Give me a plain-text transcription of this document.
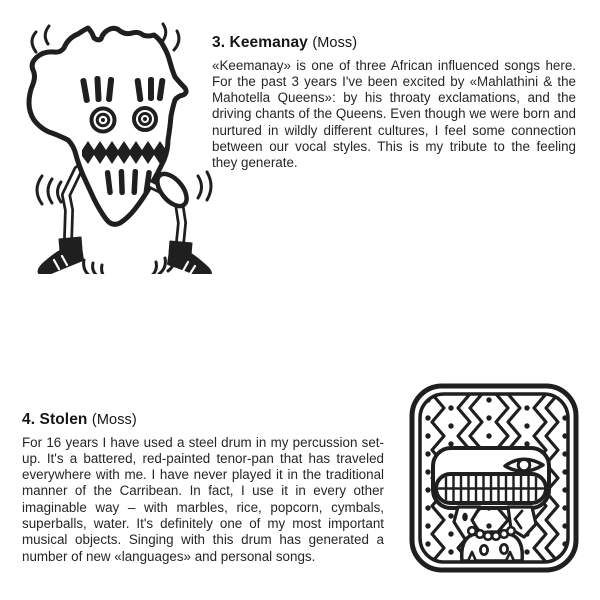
3. Keemanay (Moss)

«Keemanay» is one of three African influenced songs here. For the past 3 years I've been excited by «Mahlathini & the Mahotella Queens»: by his throaty exclamations, and the driving chants of the Queens. Even though we were born and nurtured in wildly different cultures, I feel some connection between our vocal styles. This is my tribute to the feeling they generate.

4. Stolen (Moss)

For 16 years I have used a steel drum in my percussion set-up. It's a battered, red-painted tenor-pan that has traveled everywhere with me. I have never played it in the traditional manner of the Carribean. In fact, I use it in every other imaginable way – with marbles, rice, popcorn, cymbals, superballs, water. It's definitely one of my most important musical objects. Singing with this drum has generated a number of new «languages» and personal songs.
